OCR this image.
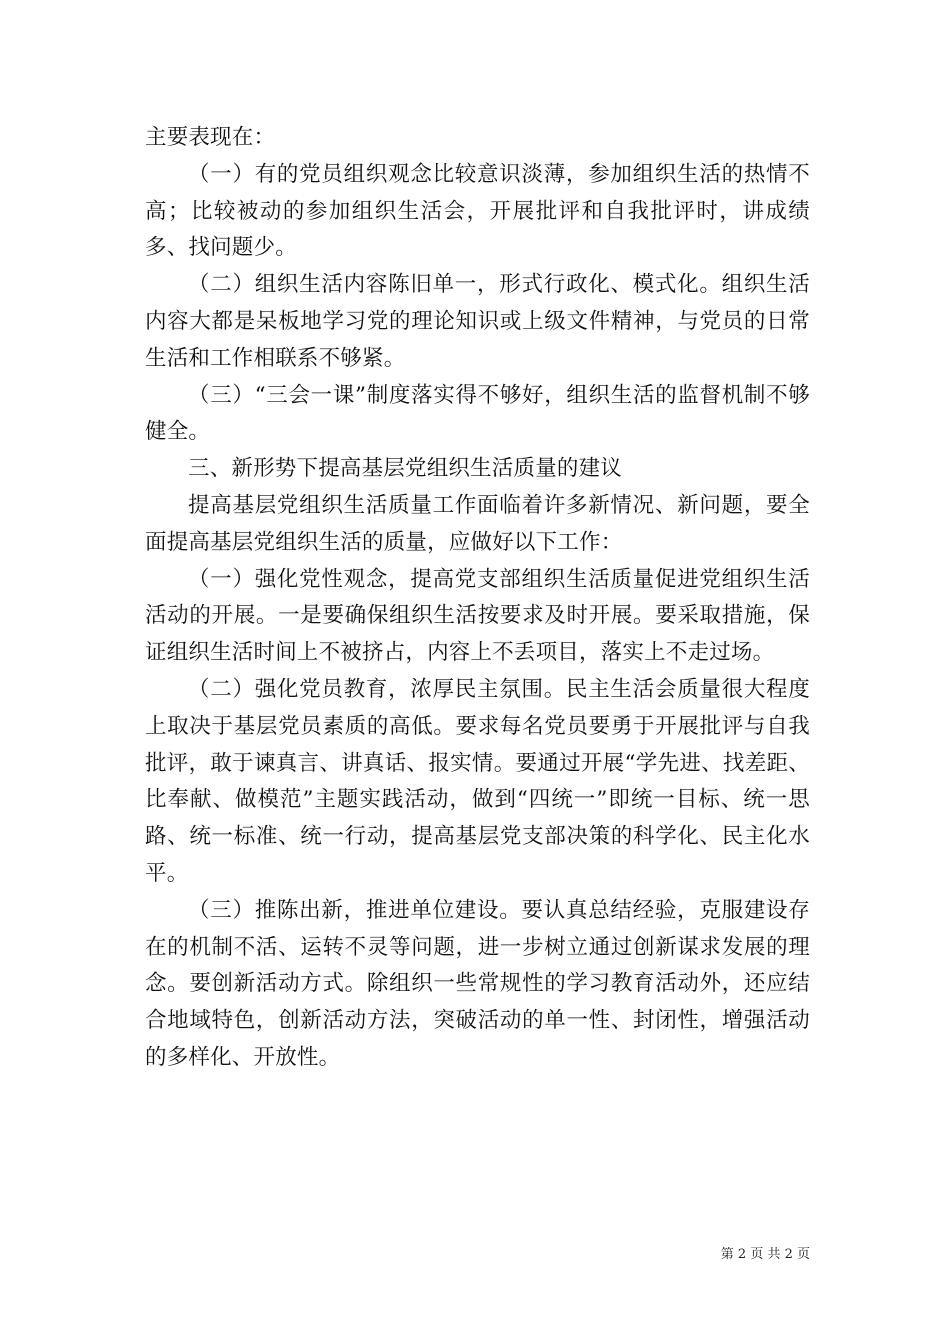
主要表现在：

（一）有的党员组织观念比较意识淡薄，参加组织生活的热情不高；比较被动的参加组织生活会，开展批评和自我批评时，讲成绩多、找问题少。

（二）组织生活内容陈旧单一，形式行政化、模式化。组织生活内容大都是呆板地学习党的理论知识或上级文件精神，与党员的日常生活和工作相联系不够紧。

（三）“三会一课”制度落实得不够好，组织生活的监督机制不够健全。

三、新形势下提高基层党组织生活质量的建议

提高基层党组织生活质量工作面临着许多新情况、新问题，要全面提高基层党组织生活的质量，应做好以下工作：

（一）强化党性观念，提高党支部组织生活质量促进党组织生活活动的开展。一是要确保组织生活按要求及时开展。要采取措施，保证组织生活时间上不被挤占，内容上不丢项目，落实上不走过场。

（二）强化党员教育，浓厚民主氛围。民主生活会质量很大程度上取决于基层党员素质的高低。要求每名党员要勇于开展批评与自我批评，敢于谏真言、讲真话、报实情。要通过开展“学先进、找差距、比奉献、做模范”主题实践活动，做到“四统一”即统一目标、统一思路、统一标准、统一行动，提高基层党支部决策的科学化、民主化水平。

（三）推陈出新，推进单位建设。要认真总结经验，克服建设存在的机制不活、运转不灵等问题，进一步树立通过创新谋求发展的理念。要创新活动方式。除组织一些常规性的学习教育活动外，还应结合地域特色，创新活动方法，突破活动的单一性、封闭性，增强活动的多样化、开放性。

第 2 页 共 2 页
